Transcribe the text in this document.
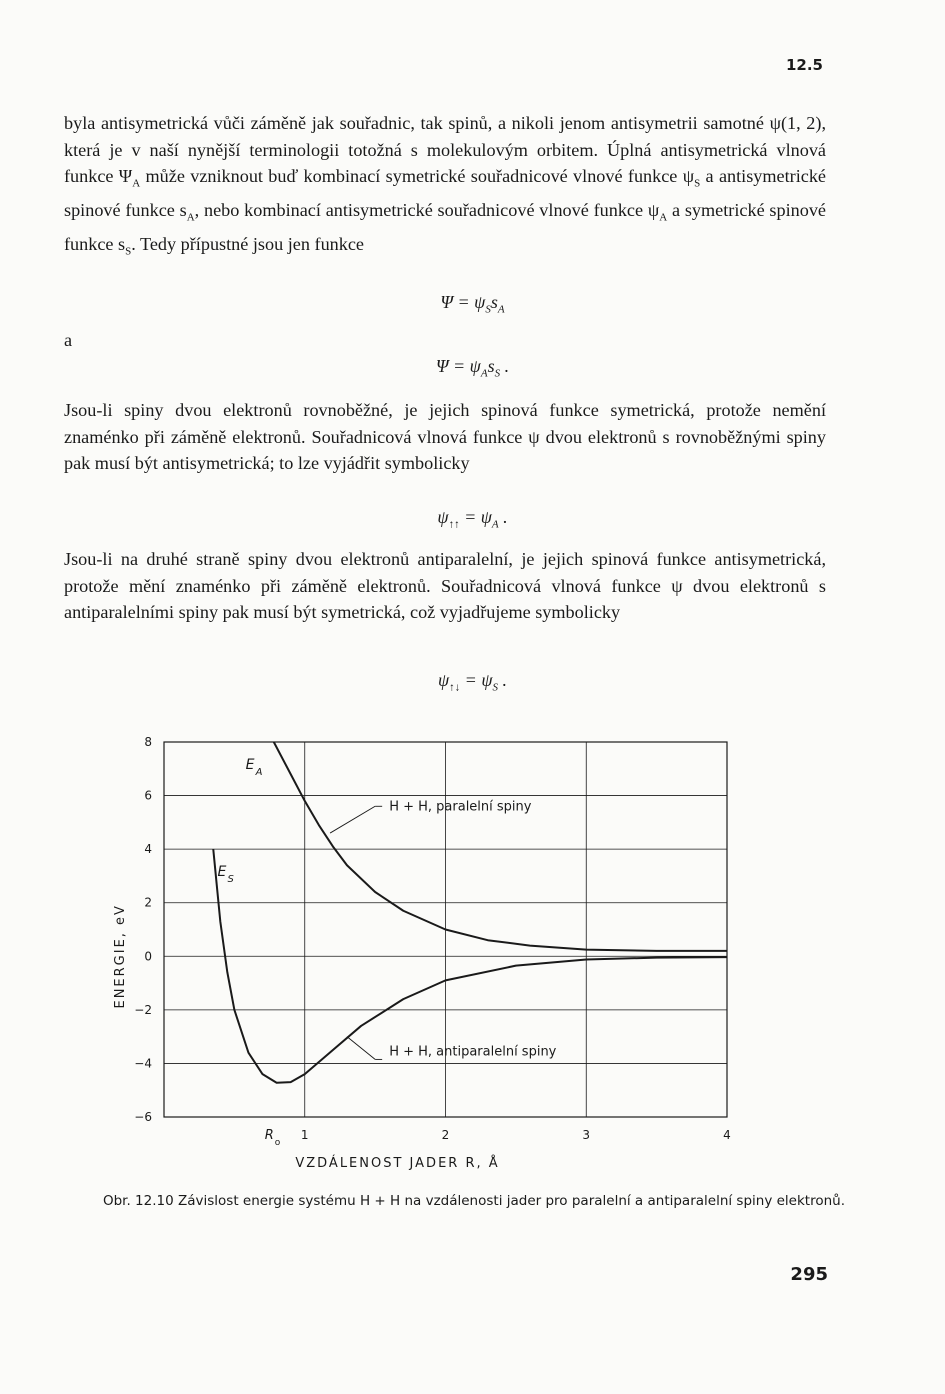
12.5
byla antisymetrická vůči záměně jak souřadnic, tak spinů, a nikoli jenom antisymetrii samotné ψ(1, 2), která je v naší nynější terminologii totožná s molekulovým orbitem. Úplná antisymetrická vlnová funkce $\Psi_A$ může vzniknout buď kombinací symetrické souřadnicové vlnové funkce $\psi_S$ a antisymetrické spinové funkce $s_A$, nebo kombinací antisymetrické souřadnicové vlnové funkce $\psi_A$ a symetrické spinové funkce $s_S$. Tedy přípustné jsou jen funkce
$\Psi = \psi_Ss_A$
a
$\Psi = \psi_As_S$ .
Jsou-li spiny dvou elektronů rovnoběžné, je jejich spinová funkce symetrická, protože nemění znaménko při záměně elektronů. Souřadnicová vlnová funkce ψ dvou elektronů s rovnoběžnými spiny pak musí být antisymetrická; to lze vyjádřit symbolicky
$\psi_{↑↑} = \psi_A$ .
Jsou-li na druhé straně spiny dvou elektronů antiparalelní, je jejich spinová funkce antisymetrická, protože mění znaménko při záměně elektronů. Souřadnicová vlnová funkce ψ dvou elektronů s antiparalelními spiny pak musí být symetrická, což vyjadřujeme symbolicky
$\psi_{↑↓} = \psi_S$ .
8
6
4
2
0
−2
−4
−6
1	2	3	4
R o
VZDÁLENOST JADER R, Å
ENERGIE, eV
E A
E S
H + H, paralelní spiny
H + H, antiparalelní spiny
Obr. 12.10 Závislost energie systému H + H na vzdálenosti jader pro paralelní a antiparalelní spiny elektronů.
295
